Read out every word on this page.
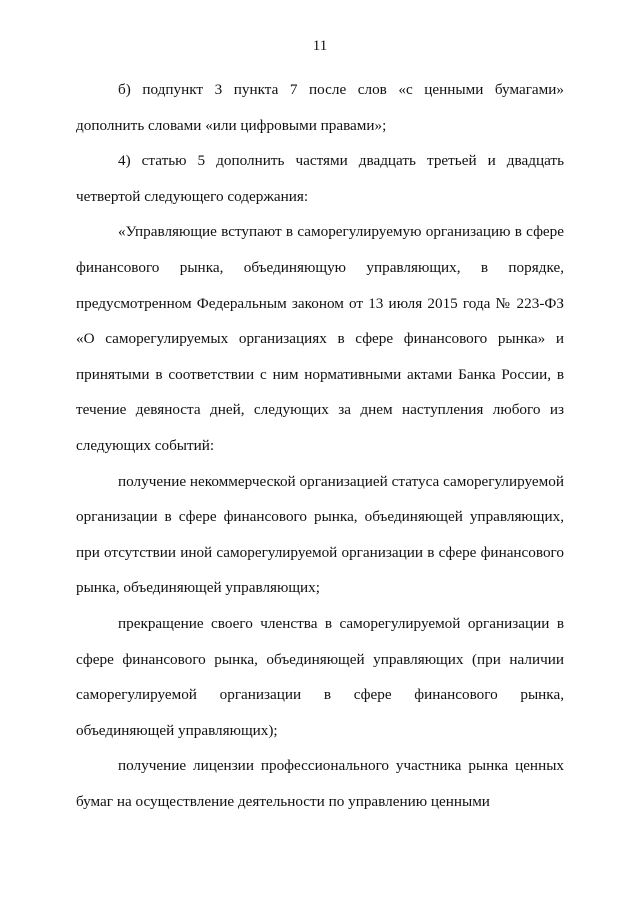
11

б) подпункт 3 пункта 7 после слов «с ценными бумагами» дополнить словами «или цифровыми правами»;

4) статью 5 дополнить частями двадцать третьей и двадцать четвертой следующего содержания:

«Управляющие вступают в саморегулируемую организацию в сфере финансового рынка, объединяющую управляющих, в порядке, предусмотренном Федеральным законом от 13 июля 2015 года № 223-ФЗ «О саморегулируемых организациях в сфере финансового рынка» и принятыми в соответствии с ним нормативными актами Банка России, в течение девяноста дней, следующих за днем наступления любого из следующих событий:

получение некоммерческой организацией статуса саморегулируемой организации в сфере финансового рынка, объединяющей управляющих, при отсутствии иной саморегулируемой организации в сфере финансового рынка, объединяющей управляющих;

прекращение своего членства в саморегулируемой организации в сфере финансового рынка, объединяющей управляющих (при наличии саморегулируемой организации в сфере финансового рынка, объединяющей управляющих);

получение лицензии профессионального участника рынка ценных бумаг на осуществление деятельности по управлению ценными
